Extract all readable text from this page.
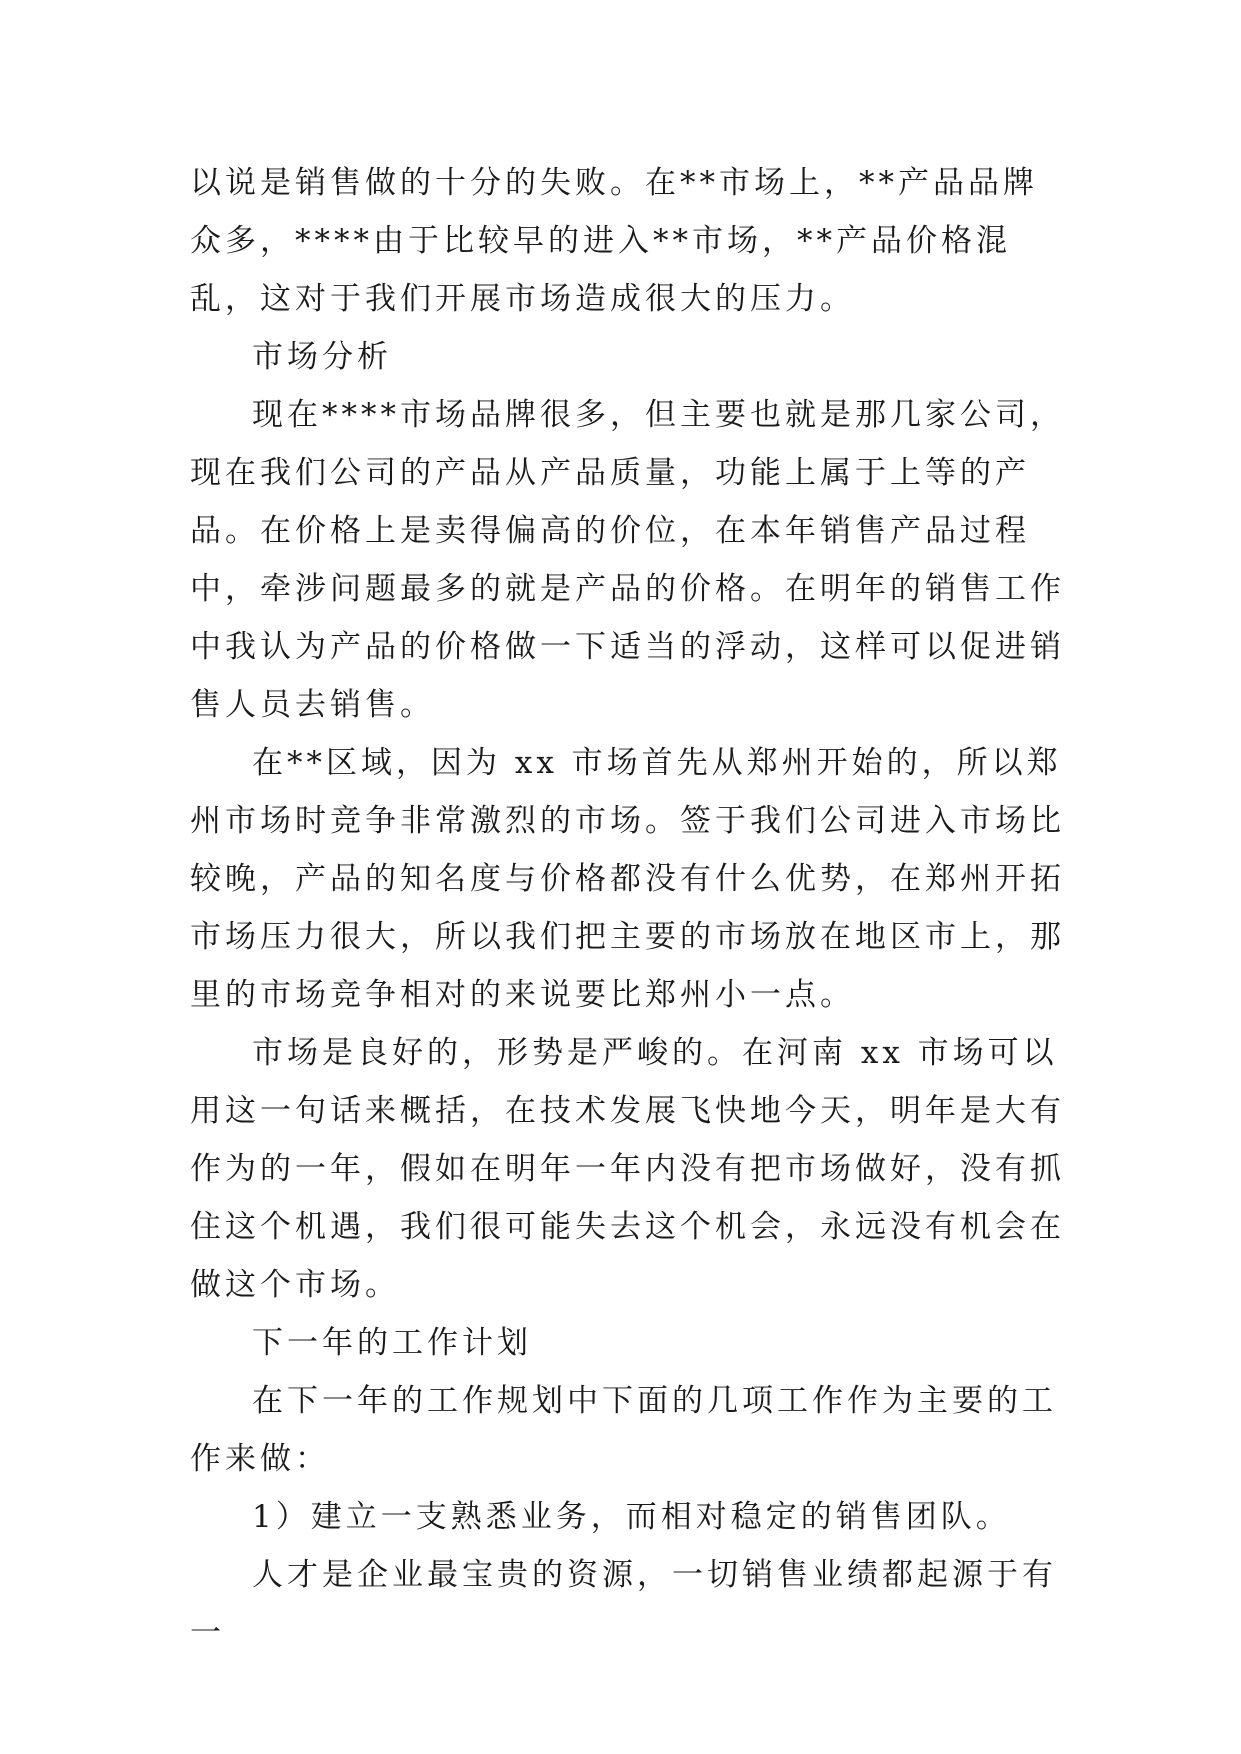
以说是销售做的十分的失败。在**市场上，**产品品牌众多，****由于比较早的进入**市场，**产品价格混乱，这对于我们开展市场造成很大的压力。

市场分析

现在****市场品牌很多，但主要也就是那几家公司，现在我们公司的产品从产品质量，功能上属于上等的产品。在价格上是卖得偏高的价位，在本年销售产品过程中，牵涉问题最多的就是产品的价格。在明年的销售工作中我认为产品的价格做一下适当的浮动，这样可以促进销售人员去销售。

在**区域，因为 xx 市场首先从郑州开始的，所以郑州市场时竞争非常激烈的市场。签于我们公司进入市场比较晚，产品的知名度与价格都没有什么优势，在郑州开拓市场压力很大，所以我们把主要的市场放在地区市上，那里的市场竞争相对的来说要比郑州小一点。

市场是良好的，形势是严峻的。在河南 xx 市场可以用这一句话来概括，在技术发展飞快地今天，明年是大有作为的一年，假如在明年一年内没有把市场做好，没有抓住这个机遇，我们很可能失去这个机会，永远没有机会在做这个市场。

下一年的工作计划

在下一年的工作规划中下面的几项工作作为主要的工作来做：

1）建立一支熟悉业务，而相对稳定的销售团队。

人才是企业最宝贵的资源，一切销售业绩都起源于有一
